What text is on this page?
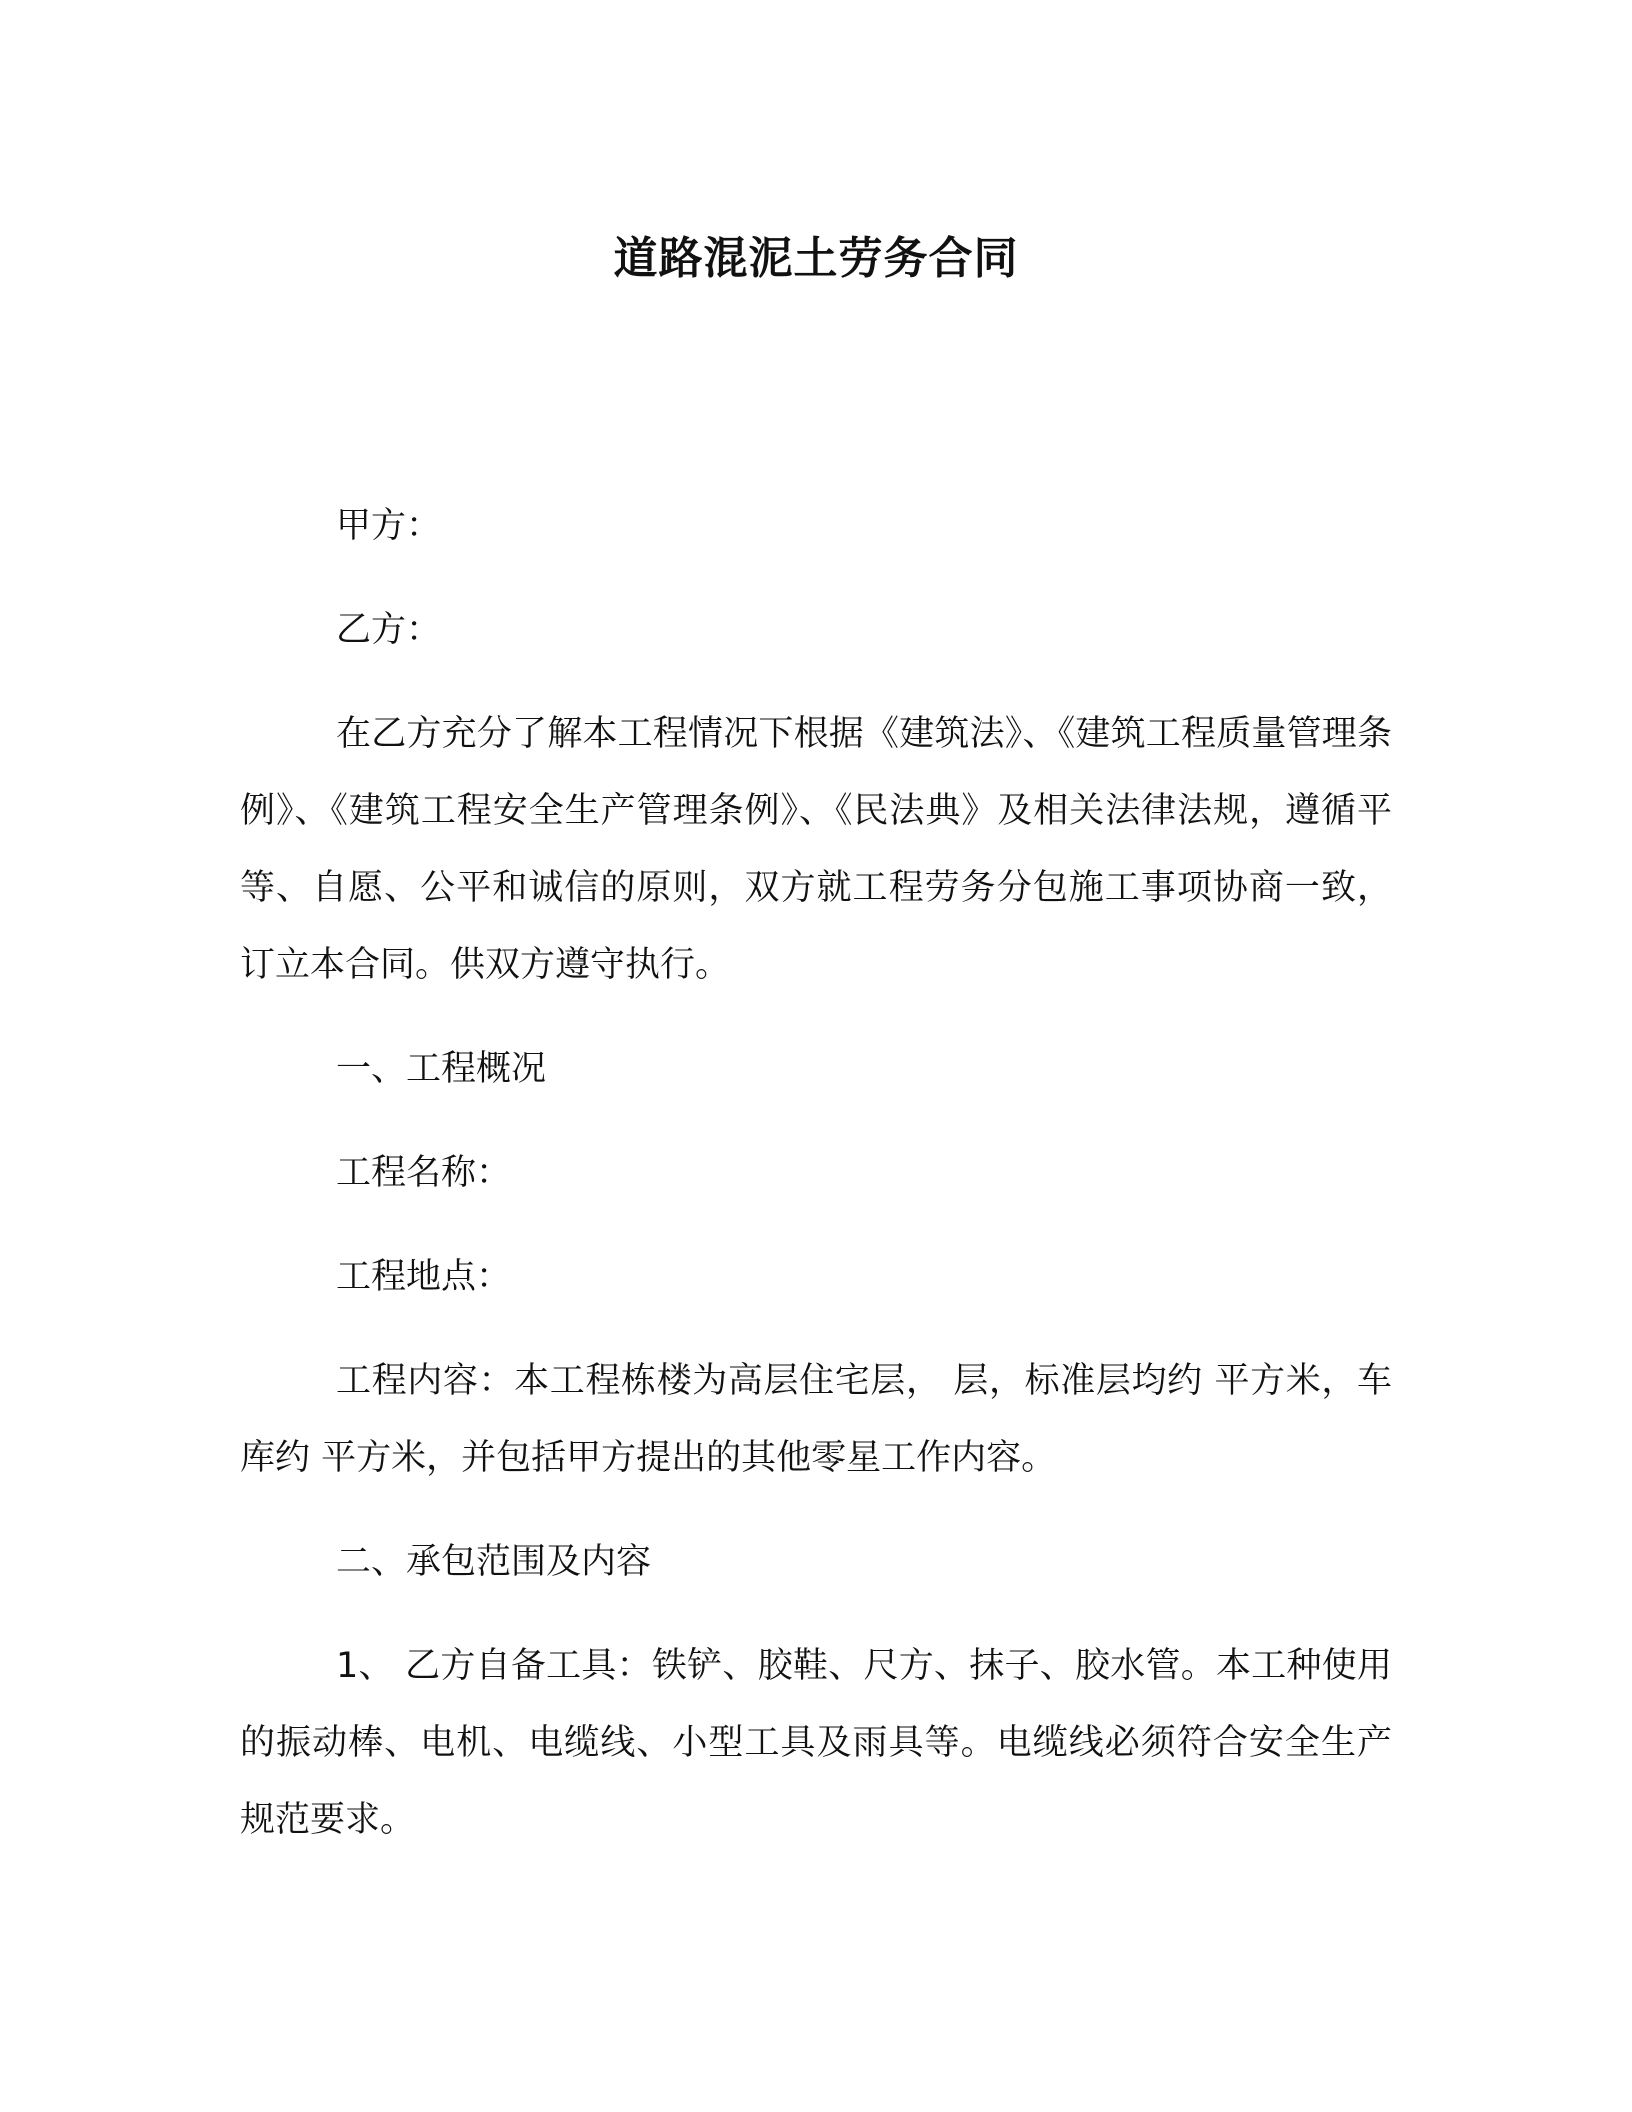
道路混泥土劳务合同

甲方：

乙方：

在乙方充分了解本工程情况下根据《建筑法》、《建筑工程质量管理条例》、《建筑工程安全生产管理条例》、《民法典》及相关法律法规，遵循平等、自愿、公平和诚信的原则，双方就工程劳务分包施工事项协商一致，订立本合同。供双方遵守执行。

一、工程概况

工程名称：

工程地点：

工程内容：本工程栋楼为高层住宅层， 层，标准层均约 平方米，车库约 平方米，并包括甲方提出的其他零星工作内容。

二、承包范围及内容

1、 乙方自备工具：铁铲、胶鞋、尺方、抹子、胶水管。本工种使用的振动棒、电机、电缆线、小型工具及雨具等。电缆线必须符合安全生产规范要求。
